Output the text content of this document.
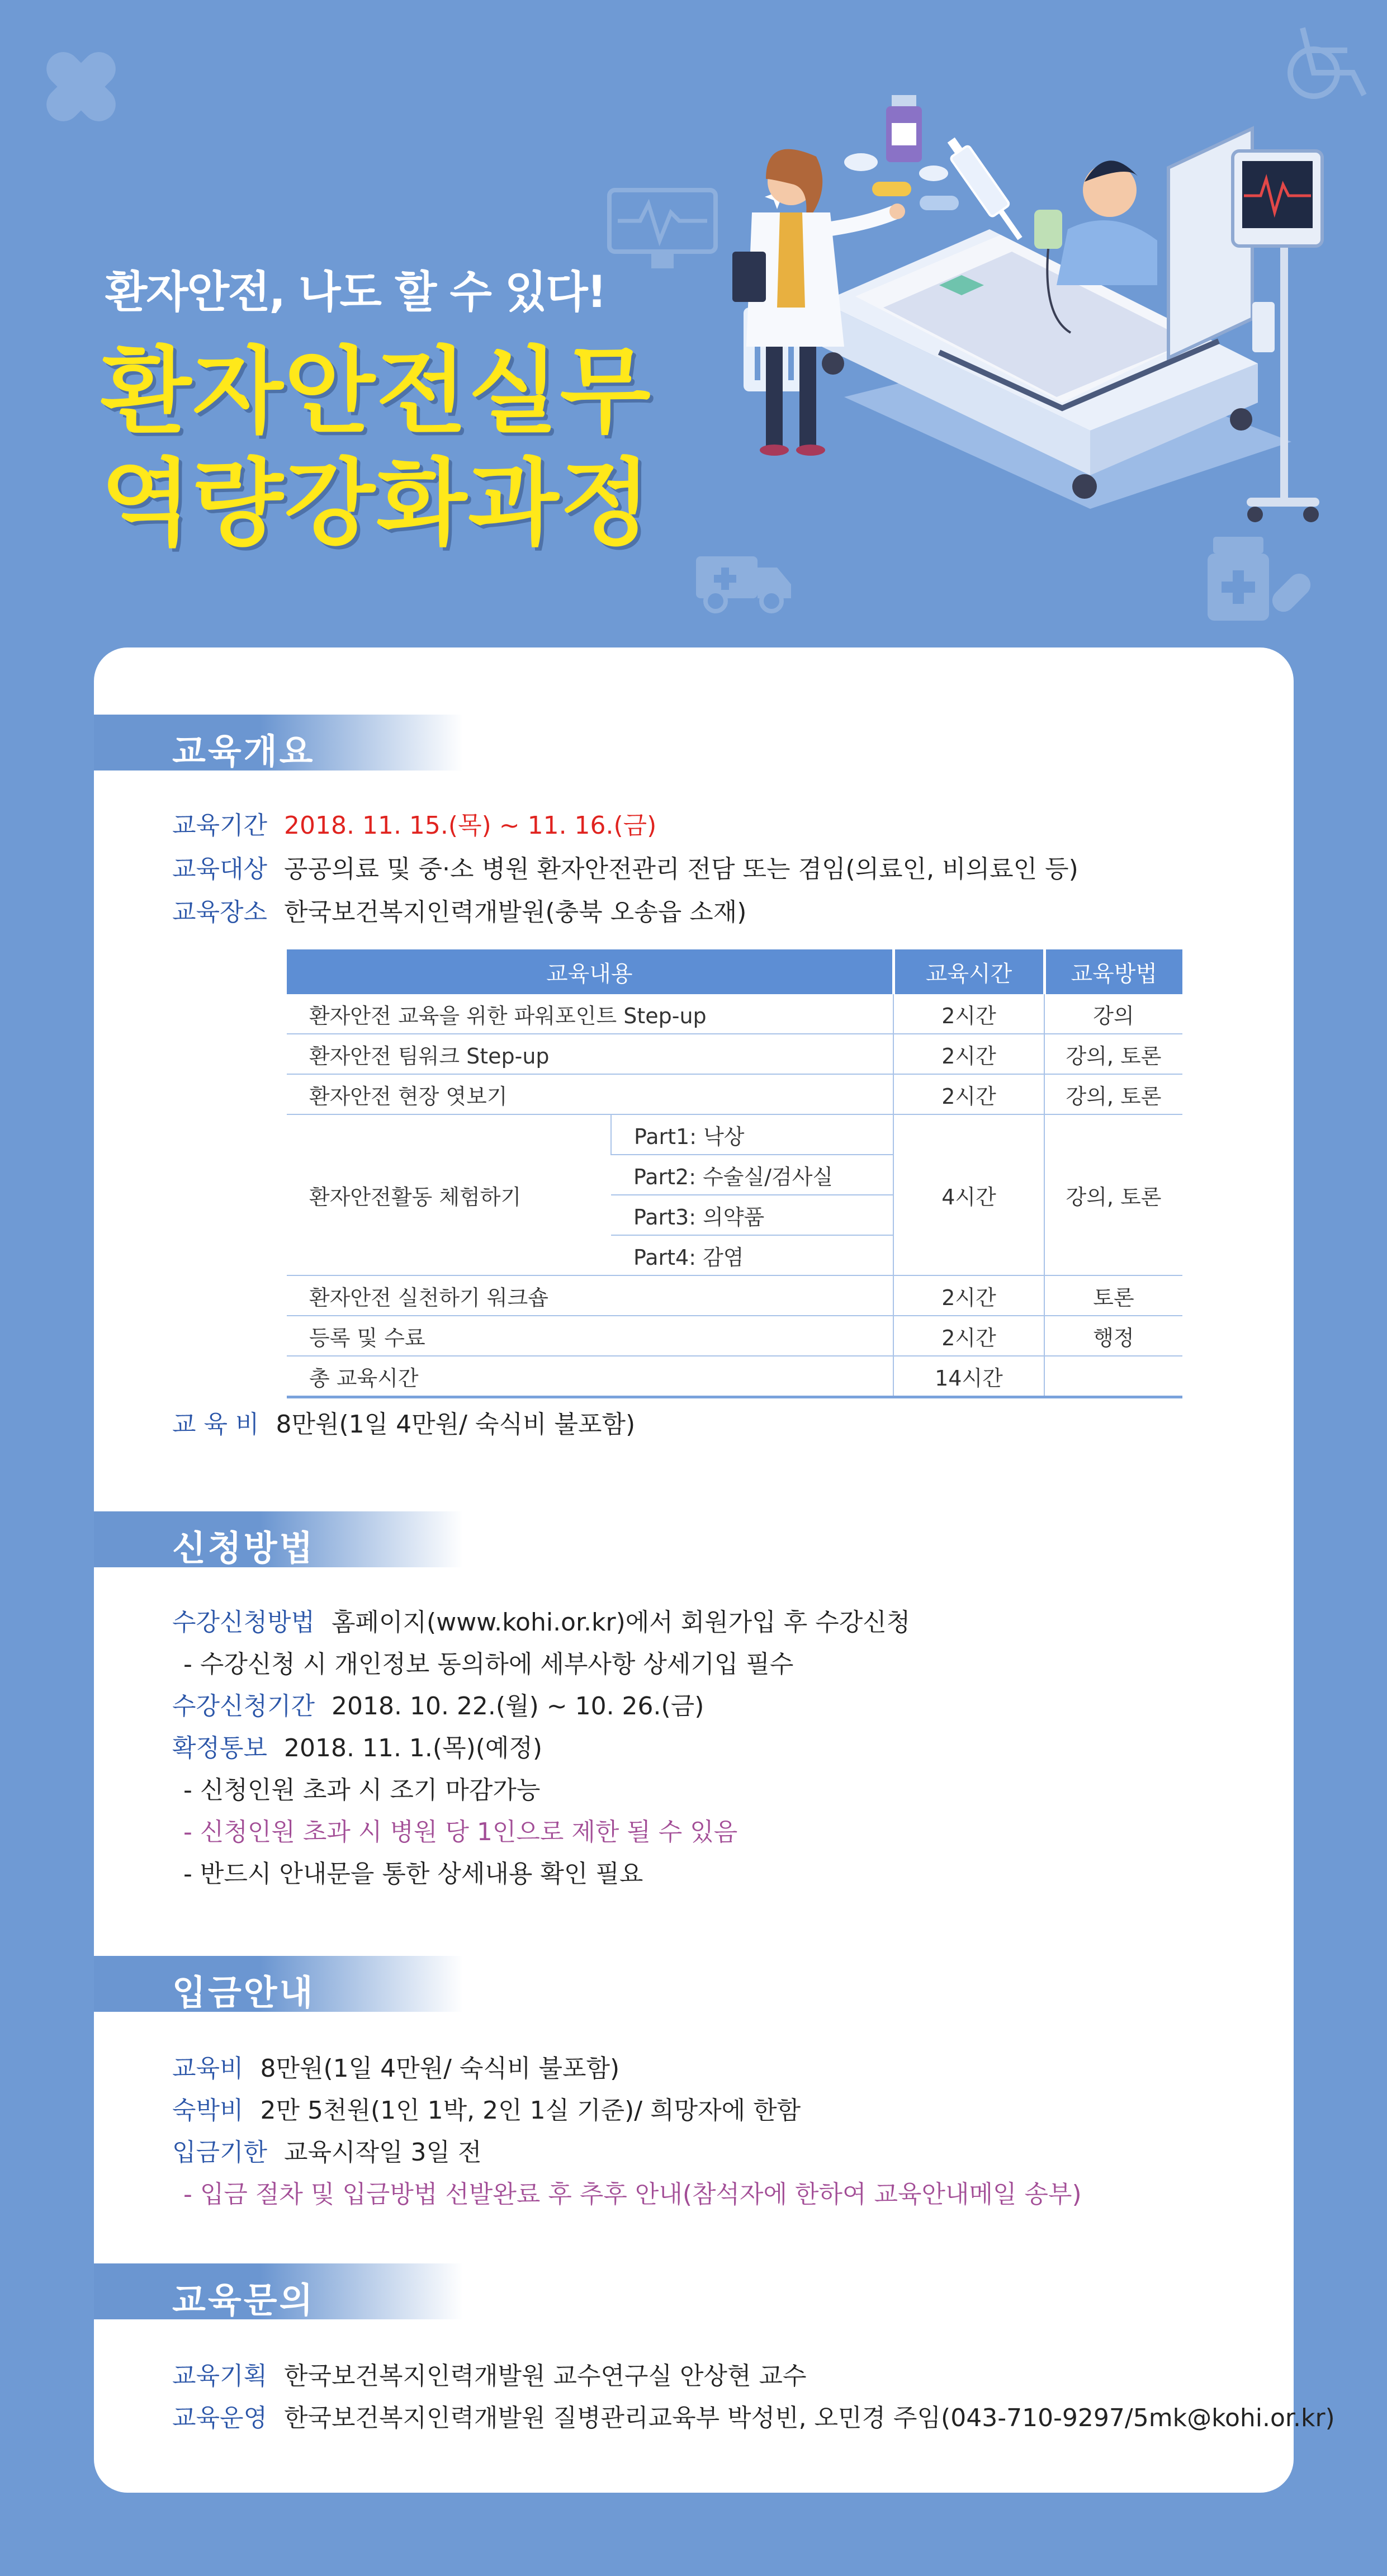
환자안전, 나도 할 수 있다!
환자안전실무
역량강화과정
교육개요
교육기간 2018. 11. 15.(목) ~ 11. 16.(금)
교육대상 공공의료 및 중·소 병원 환자안전관리 전담 또는 겸임(의료인, 비의료인 등)
교육장소 한국보건복지인력개발원(충북 오송읍 소재)
교육내용		교육시간	교육방법
환자안전 교육을 위한 파워포인트 Step-up		2시간	강의
환자안전 팀워크 Step-up		2시간	강의, 토론
환자안전 현장 엿보기		2시간	강의, 토론
환자안전활동 체험하기	Part1: 낙상	4시간	강의, 토론
	Part2: 수술실/검사실		
	Part3: 의약품		
	Part4: 감염		
환자안전 실천하기 워크숍		2시간	토론
등록 및 수료		2시간	행정
총 교육시간		14시간	
교 육 비 8만원(1일 4만원/ 숙식비 불포함)
신청방법
수강신청방법 홈페이지(www.kohi.or.kr)에서 회원가입 후 수강신청
- 수강신청 시 개인정보 동의하에 세부사항 상세기입 필수
수강신청기간 2018. 10. 22.(월) ~ 10. 26.(금)
확정통보 2018. 11. 1.(목)(예정)
- 신청인원 초과 시 조기 마감가능
- 신청인원 초과 시 병원 당 1인으로 제한 될 수 있음
- 반드시 안내문을 통한 상세내용 확인 필요
입금안내
교육비 8만원(1일 4만원/ 숙식비 불포함)
숙박비 2만 5천원(1인 1박, 2인 1실 기준)/ 희망자에 한함
입금기한 교육시작일 3일 전
- 입금 절차 및 입금방법 선발완료 후 추후 안내(참석자에 한하여 교육안내메일 송부)
교육문의
교육기획 한국보건복지인력개발원 교수연구실 안상현 교수
교육운영 한국보건복지인력개발원 질병관리교육부 박성빈, 오민경 주임(043-710-9297/5mk@kohi.or.kr)
